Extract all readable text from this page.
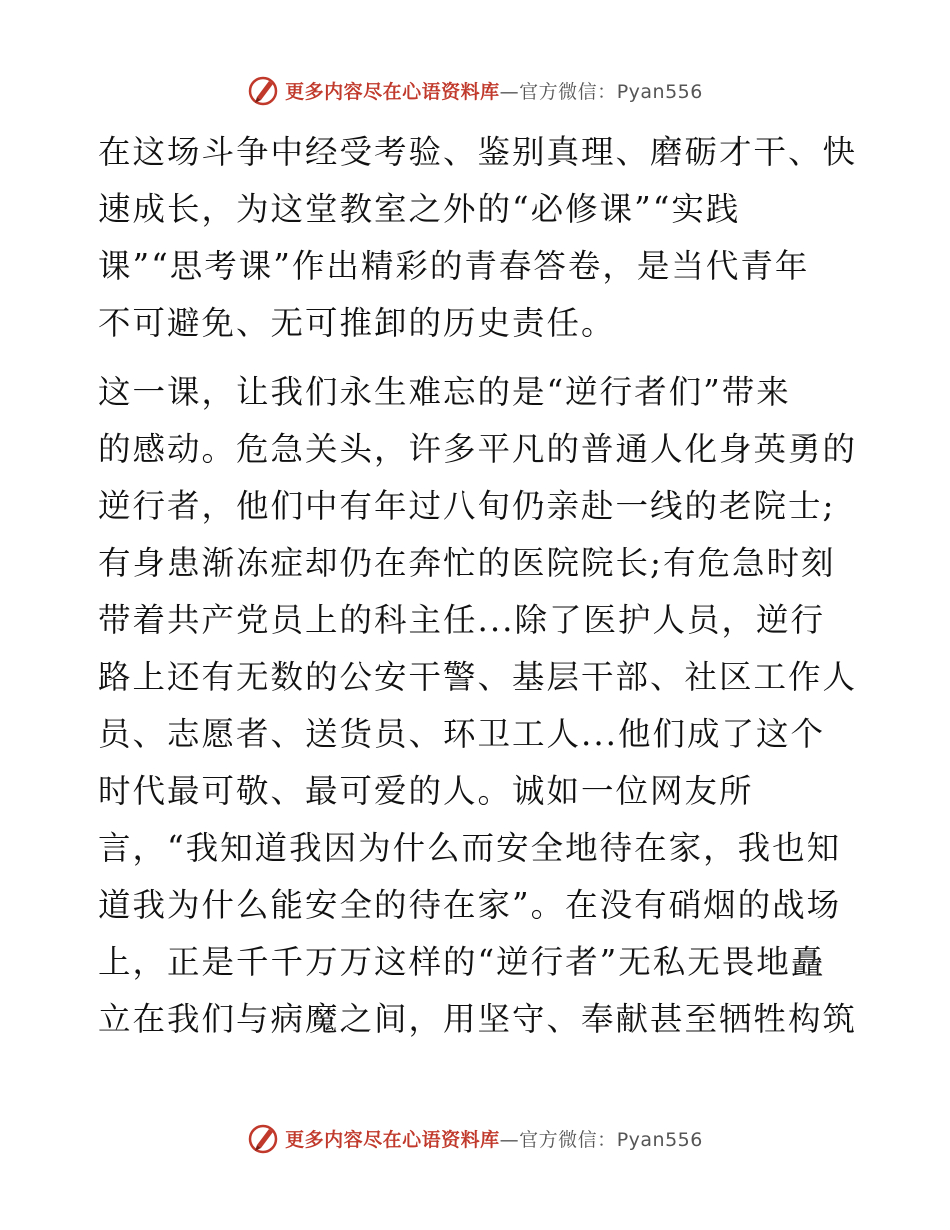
更多内容尽在心语资料库—官方微信：Pyan556
在这场斗争中经受考验、鉴别真理、磨砺才干、快
速成长，为这堂教室之外的“必修课”“实践
课”“思考课”作出精彩的青春答卷，是当代青年
不可避免、无可推卸的历史责任。
这一课，让我们永生难忘的是“逆行者们”带来
的感动。危急关头，许多平凡的普通人化身英勇的
逆行者，他们中有年过八旬仍亲赴一线的老院士;
有身患渐冻症却仍在奔忙的医院院长;有危急时刻
带着共产党员上的科主任...除了医护人员，逆行
路上还有无数的公安干警、基层干部、社区工作人
员、志愿者、送货员、环卫工人...他们成了这个
时代最可敬、最可爱的人。诚如一位网友所
言，“我知道我因为什么而安全地待在家，我也知
道我为什么能安全的待在家”。在没有硝烟的战场
上，正是千千万万这样的“逆行者”无私无畏地矗
立在我们与病魔之间，用坚守、奉献甚至牺牲构筑
更多内容尽在心语资料库—官方微信：Pyan556
